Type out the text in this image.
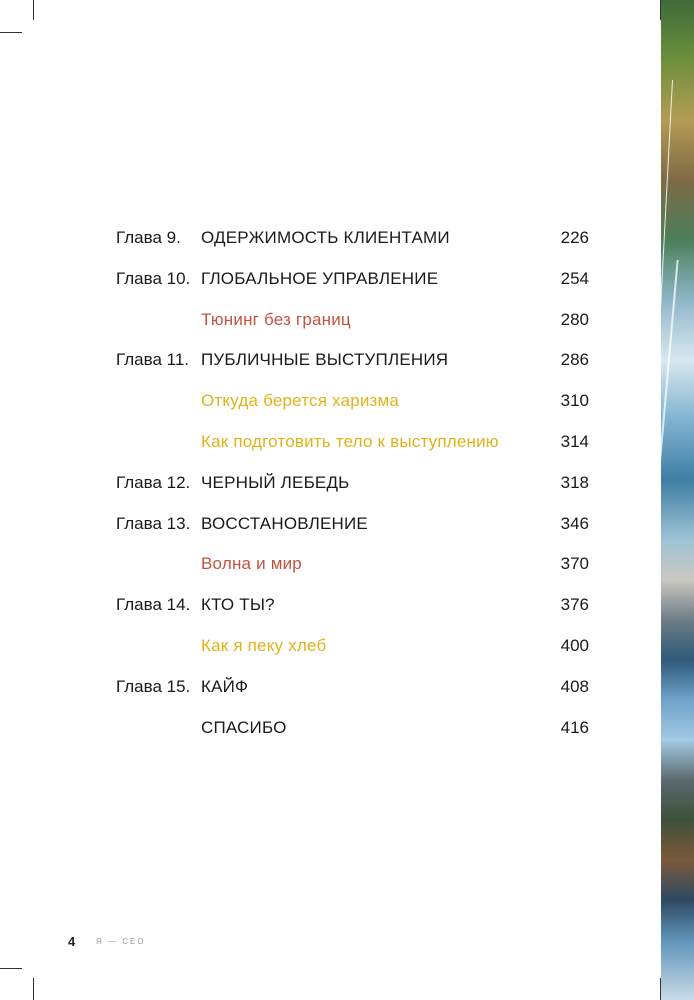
Глава 9. ОДЕРЖИМОСТЬ КЛИЕНТАМИ	226
Глава 10. ГЛОБАЛЬНОЕ УПРАВЛЕНИЕ	254
Тюнинг без границ	280
Глава 11. ПУБЛИЧНЫЕ ВЫСТУПЛЕНИЯ	286
Откуда берется харизма	310
Как подготовить тело к выступлению	314
Глава 12. ЧЕРНЫЙ ЛЕБЕДЬ	318
Глава 13. ВОССТАНОВЛЕНИЕ	346
Волна и мир	370
Глава 14. КТО ТЫ?	376
Как я пеку хлеб	400
Глава 15. КАЙФ	408
СПАСИБО	416
4	Я — CEO
